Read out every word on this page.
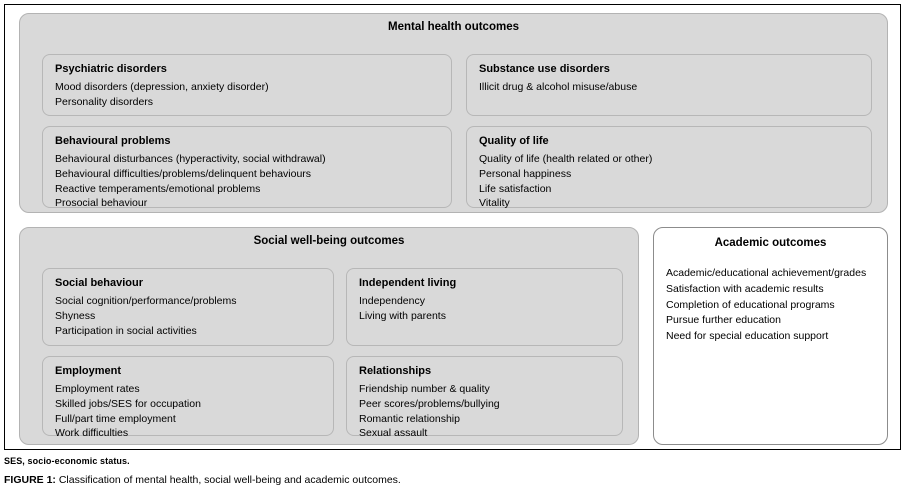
Mental health outcomes
Psychiatric disorders
Mood disorders (depression, anxiety disorder)
Personality disorders
Substance use disorders
Illicit drug & alcohol misuse/abuse
Behavioural problems
Behavioural disturbances (hyperactivity, social withdrawal)
Behavioural difficulties/problems/delinquent behaviours
Reactive temperaments/emotional problems
Prosocial behaviour
Quality of life
Quality of life (health related or other)
Personal happiness
Life satisfaction
Vitality
Social well-being outcomes
Social behaviour
Social cognition/performance/problems
Shyness
Participation in social activities
Independent living
Independency
Living with parents
Employment
Employment rates
Skilled jobs/SES for occupation
Full/part time employment
Work difficulties
Relationships
Friendship number & quality
Peer scores/problems/bullying
Romantic relationship
Sexual assault
Academic outcomes
Academic/educational achievement/grades
Satisfaction with academic results
Completion of educational programs
Pursue further education
Need for special education support
SES, socio-economic status.
FIGURE 1: Classification of mental health, social well-being and academic outcomes.
